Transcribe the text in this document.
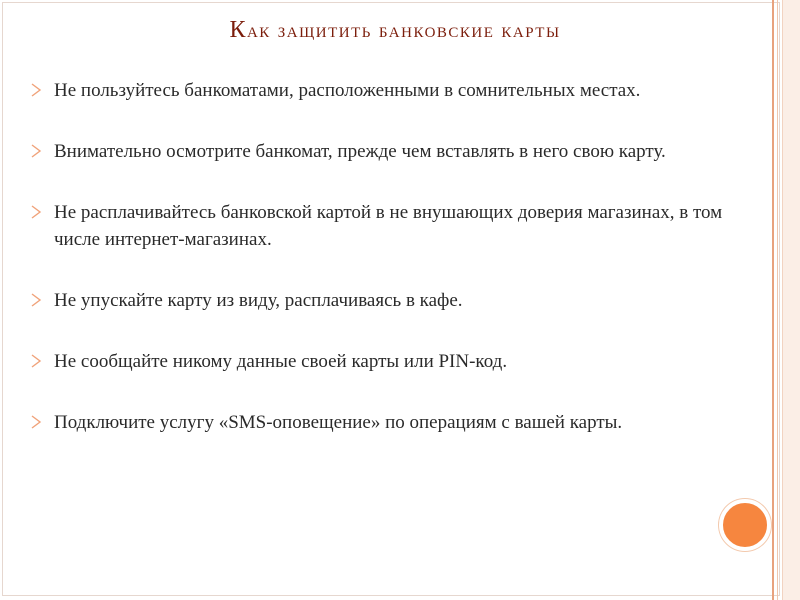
Как защитить банковские карты
Не пользуйтесь банкоматами, расположенными в сомнительных местах.
Внимательно осмотрите банкомат, прежде чем вставлять в него свою карту.
Не расплачивайтесь банковской картой в не внушающих доверия магазинах, в том числе интернет-магазинах.
Не упускайте карту из виду, расплачиваясь в кафе.
Не сообщайте никому данные своей карты или PIN-код.
Подключите услугу «SMS-оповещение» по операциям с вашей карты.
